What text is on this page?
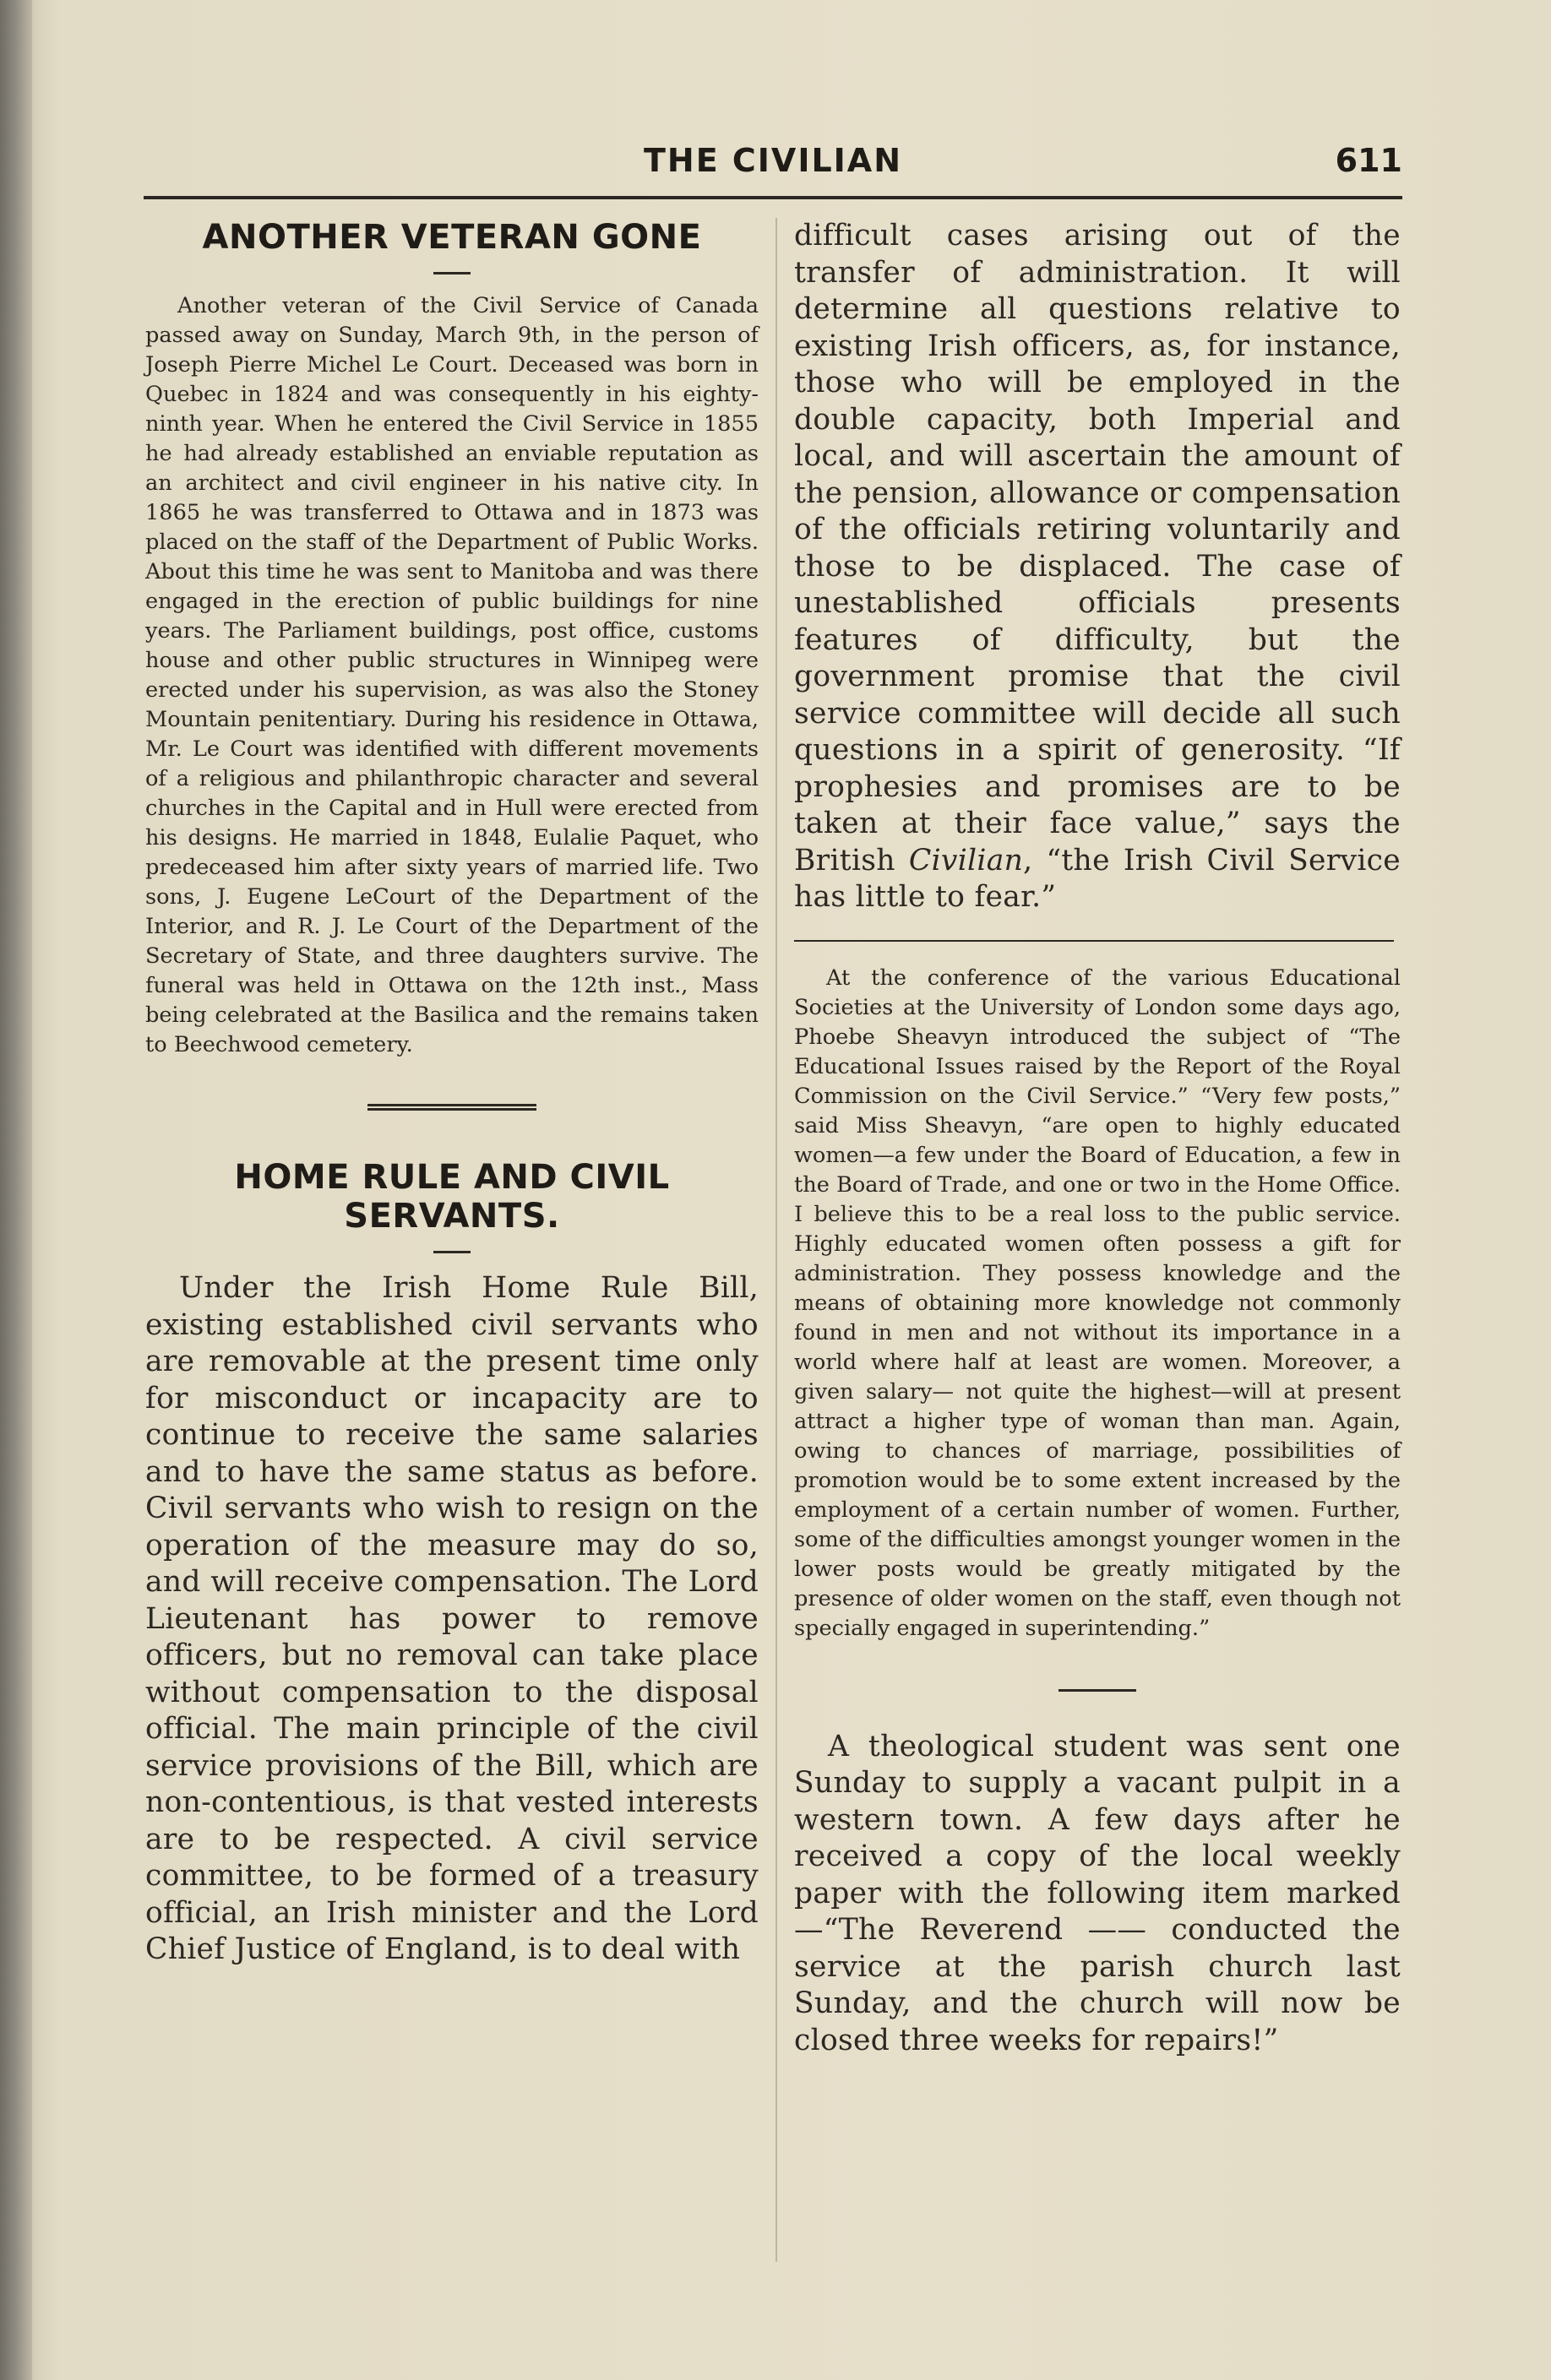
THE CIVILIAN	611
ANOTHER VETERAN GONE

Another veteran of the Civil Service of Canada passed away on Sunday, March 9th, in the person of Joseph Pierre Michel Le Court. Deceased was born in Quebec in 1824 and was consequently in his eighty-ninth year. When he entered the Civil Service in 1855 he had already established an enviable reputation as an architect and civil engineer in his native city. In 1865 he was transferred to Ottawa and in 1873 was placed on the staff of the Department of Public Works. About this time he was sent to Manitoba and was there engaged in the erection of public buildings for nine years. The Parliament buildings, post office, customs house and other public structures in Winnipeg were erected under his supervision, as was also the Stoney Mountain penitentiary. During his residence in Ottawa, Mr. Le Court was identified with different movements of a religious and philanthropic character and several churches in the Capital and in Hull were erected from his designs. He married in 1848, Eulalie Paquet, who predeceased him after sixty years of married life. Two sons, J. Eugene LeCourt of the Department of the Interior, and R. J. Le Court of the Department of the Secretary of State, and three daughters survive. The funeral was held in Ottawa on the 12th inst., Mass being celebrated at the Basilica and the remains taken to Beechwood cemetery.

HOME RULE AND CIVIL SERVANTS.

Under the Irish Home Rule Bill, existing established civil servants who are removable at the present time only for misconduct or incapacity are to continue to receive the same salaries and to have the same status as before. Civil servants who wish to resign on the operation of the measure may do so, and will receive compensation. The Lord Lieutenant has power to remove officers, but no removal can take place without compensation to the disposal official. The main principle of the civil service provisions of the Bill, which are non-contentious, is that vested interests are to be respected. A civil service committee, to be formed of a treasury official, an Irish minister and the Lord Chief Justice of England, is to deal with

difficult cases arising out of the transfer of administration. It will determine all questions relative to existing Irish officers, as, for instance, those who will be employed in the double capacity, both Imperial and local, and will ascertain the amount of the pension, allowance or compensation of the officials retiring voluntarily and those to be displaced. The case of unestablished officials presents features of difficulty, but the government promise that the civil service committee will decide all such questions in a spirit of generosity. “If prophesies and promises are to be taken at their face value,” says the British Civilian, “the Irish Civil Service has little to fear.”

At the conference of the various Educational Societies at the University of London some days ago, Phoebe Sheavyn introduced the subject of “The Educational Issues raised by the Report of the Royal Commission on the Civil Service.” “Very few posts,” said Miss Sheavyn, “are open to highly educated women—a few under the Board of Education, a few in the Board of Trade, and one or two in the Home Office. I believe this to be a real loss to the public service. Highly educated women often possess a gift for administration. They possess knowledge and the means of obtaining more knowledge not commonly found in men and not without its importance in a world where half at least are women. Moreover, a given salary— not quite the highest—will at present attract a higher type of woman than man. Again, owing to chances of marriage, possibilities of promotion would be to some extent increased by the employment of a certain number of women. Further, some of the difficulties amongst younger women in the lower posts would be greatly mitigated by the presence of older women on the staff, even though not specially engaged in superintending.”

A theological student was sent one Sunday to supply a vacant pulpit in a western town. A few days after he received a copy of the local weekly paper with the following item marked —“The Reverend —— conducted the service at the parish church last Sunday, and the church will now be closed three weeks for repairs!”
